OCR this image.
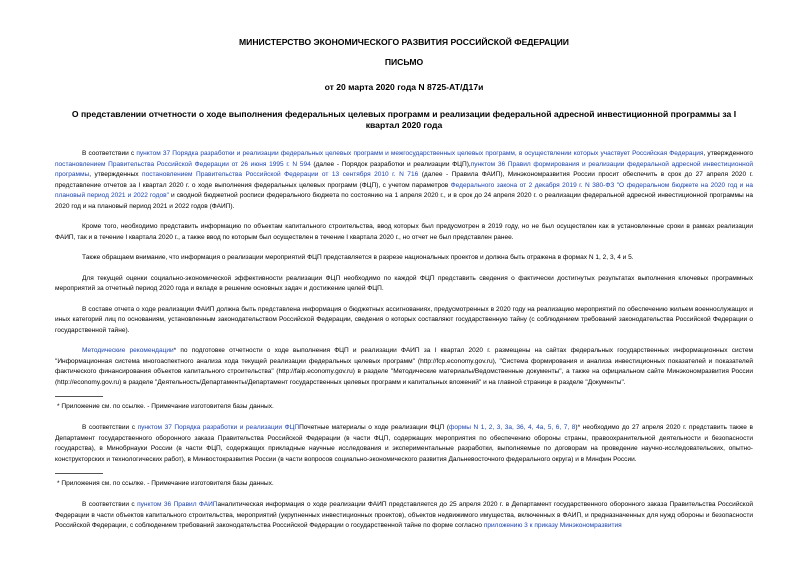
МИНИСТЕРСТВО ЭКОНОМИЧЕСКОГО РАЗВИТИЯ РОССИЙСКОЙ ФЕДЕРАЦИИ
ПИСЬМО
от 20 марта 2020 года N 8725-АТ/Д17и
О представлении отчетности о ходе выполнения федеральных целевых программ и реализации федеральной адресной инвестиционной программы за I квартал 2020 года

В соответствии с пунктом 37 Порядка разработки и реализации федеральных целевых программ и межгосударственных целевых программ, в осуществлении которых участвует Российская Федерация, утвержденного постановлением Правительства Российской Федерации от 26 июня 1995 г. N 594 (далее - Порядок разработки и реализации ФЦП),пунктом 36 Правил формирования и реализации федеральной адресной инвестиционной программы, утвержденных постановлением Правительства Российской Федерации от 13 сентября 2010 г. N 716 (далее - Правила ФАИП), Минэкономразвития России просит обеспечить в срок до 27 апреля 2020 г. представление отчетов за I квартал 2020 г. о ходе выполнения федеральных целевых программ (ФЦП), с учетом параметров Федерального закона от 2 декабря 2019 г. N 380-ФЗ "О федеральном бюджете на 2020 год и на плановый период 2021 и 2022 годов" и сводной бюджетной росписи федерального бюджета по состоянию на 1 апреля 2020 г., и в срок до 24 апреля 2020 г. о реализации федеральной адресной инвестиционной программы на 2020 год и на плановый период 2021 и 2022 годов (ФАИП).

Кроме того, необходимо представить информацию по объектам капитального строительства, ввод которых был предусмотрен в 2019 году, но не был осуществлен как в установленные сроки в рамках реализации ФАИП, так и в течение I квартала 2020 г., а также ввод по которым был осуществлен в течение I квартала 2020 г., но отчет не был представлен ранее.

Также обращаем внимание, что информация о реализации мероприятий ФЦП представляется в разрезе национальных проектов и должна быть отражена в формах N 1, 2, 3, 4 и 5.

Для текущей оценки социально-экономической эффективности реализации ФЦП необходимо по каждой ФЦП представить сведения о фактически достигнутых результатах выполнения ключевых программных мероприятий за отчетный период 2020 года и вкладе в решение основных задач и достижение целей ФЦП.

В составе отчета о ходе реализации ФАИП должна быть представлена информация о бюджетных ассигнованиях, предусмотренных в 2020 году на реализацию мероприятий по обеспечению жильем военнослужащих и иных категорий лиц по основаниям, установленным законодательством Российской Федерации, сведения о которых составляют государственную тайну (с соблюдением требований законодательства Российской Федерации о государственной тайне).

Методические рекомендации* по подготовке отчетности о ходе выполнения ФЦП и реализации ФАИП за I квартал 2020 г. размещены на сайтах федеральных государственных информационных систем "Информационная система многоаспектного анализа хода текущей реализации федеральных целевых программ" (http://fcp.economy.gov.ru), "Система формирования и анализа инвестиционных показателей и показателей фактического финансирования объектов капитального строительства" (http://faip.economy.gov.ru) в разделе "Методические материалы/Ведомственные документы", а также на официальном сайте Минэкономразвития России (http://economy.gov.ru) в разделе "Деятельность/Департаменты/Департамент государственных целевых программ и капитальных вложений" и на главной странице в разделе "Документы".

* Приложение см. по ссылке. - Примечание изготовителя базы данных.

В соответствии с пунктом 37 Порядка разработки и реализации ФЦППочетные материалы о ходе реализации ФЦП (формы N 1, 2, 3, 3а, 36, 4, 4а, 5, 6, 7, 8)* необходимо до 27 апреля 2020 г. представить также в Департамент государственного оборонного заказа Правительства Российской Федерации (в части ФЦП, содержащих мероприятия по обеспечению обороны страны, правоохранительной деятельности и безопасности государства), в Минобрнауки России (в части ФЦП, содержащих прикладные научные исследования и экспериментальные разработки, выполняемые по договорам на проведение научно-исследовательских, опытно-конструкторских и технологических работ), в Минвостокразвития России (в части вопросов социально-экономического развития Дальневосточного федерального округа) и в Минфин России.

* Приложения см. по ссылке. - Примечание изготовителя базы данных.

В соответствии с пунктом 36 Правил ФАИПаналитическая информация о ходе реализации ФАИП представляется до 25 апреля 2020 г. в Департамент государственного оборонного заказа Правительства Российской Федерации в части объектов капитального строительства, мероприятий (укрупненных инвестиционных проектов), объектов недвижимого имущества, включенных в ФАИП, и предназначенных для нужд обороны и безопасности Российской Федерации, с соблюдением требований законодательства Российской Федерации о государственной тайне по форме согласно приложению 3 к приказу Минэкономразвития
